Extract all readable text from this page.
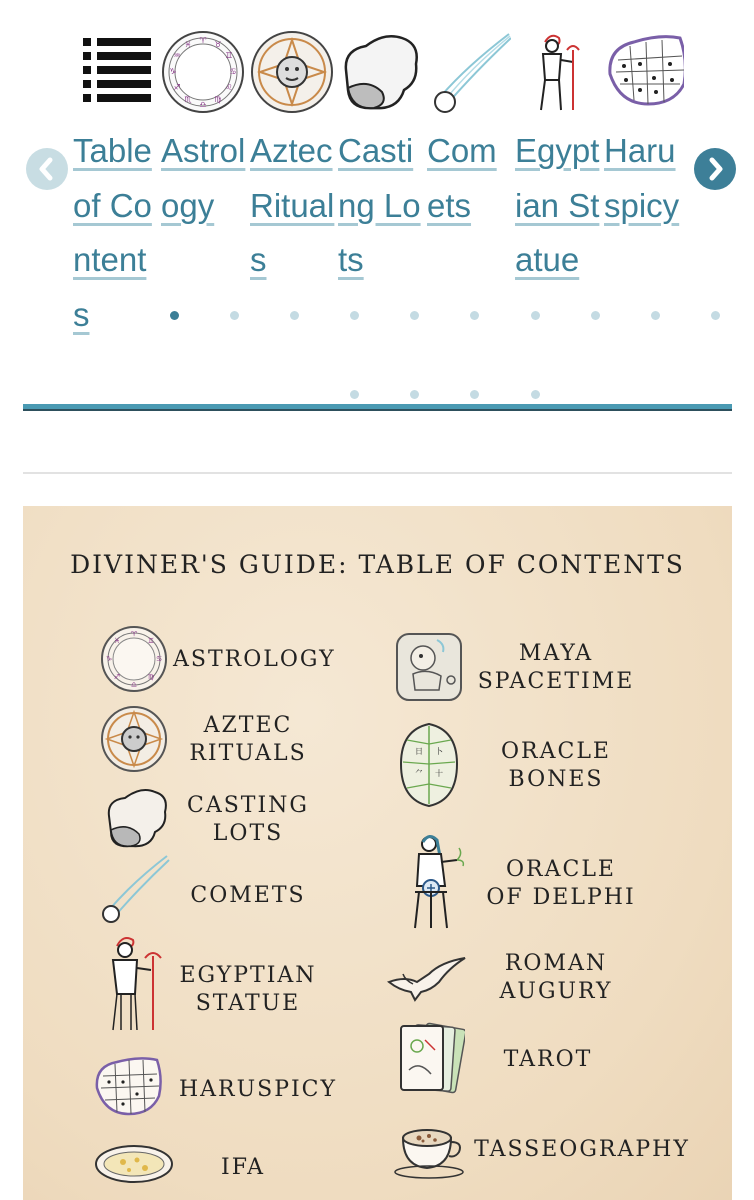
Table of Contents
♈ ♉
♊
♋
♌
♍
♎
♏
♐
♑
♒
♓
Astrology
Aztec Rituals
Casting Lots
Comets
Egyptian Statue
Haruspicy
DIVINER'S GUIDE: TABLE OF CONTENTS
♈
♊
♋
♍
♎
♐
♑
♓
ASTROLOGY
AZTEC
RITUALS
CASTING
LOTS
COMETS
EGYPTIAN
STATUE
HARUSPICY
IFA
MAYA
SPACETIME
日 卜
⺈ 十
ORACLE
BONES
ORACLE
OF DELPHI
ROMAN
AUGURY
TAROT
TASSEOGRAPHY
